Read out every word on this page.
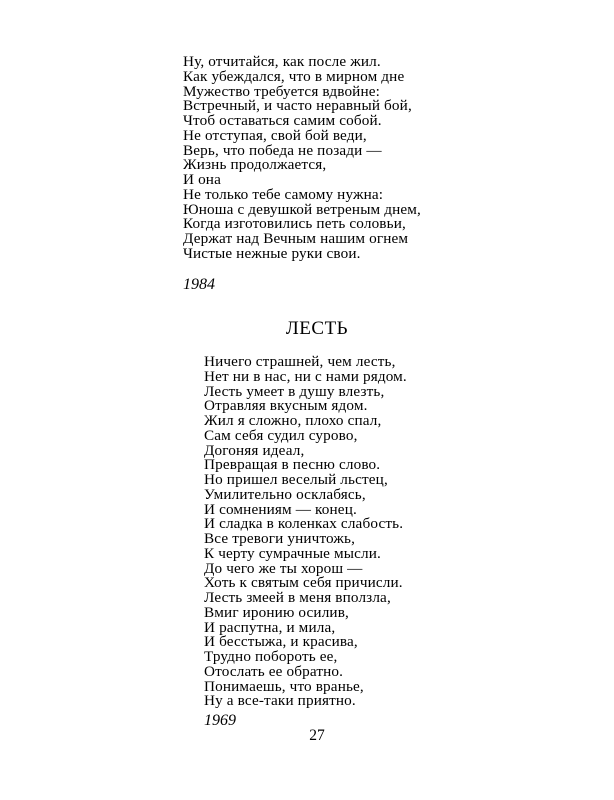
Ну, отчитайся, как после жил.
Как убеждался, что в мирном дне
Мужество требуется вдвойне:
Встречный, и часто неравный бой,
Чтоб оставаться самим собой.
Не отступая, свой бой веди,
Верь, что победа не позади —
Жизнь продолжается,
И она
Не только тебе самому нужна:
Юноша с девушкой ветреным днем,
Когда изготовились петь соловьи,
Держат над Вечным нашим огнем
Чистые нежные руки свои.
1984
ЛЕСТЬ
Ничего страшней, чем лесть,
Нет ни в нас, ни с нами рядом.
Лесть умеет в душу влезть,
Отравляя вкусным ядом.
Жил я сложно, плохо спал,
Сам себя судил сурово,
Догоняя идеал,
Превращая в песню слово.
Но пришел веселый льстец,
Умилительно осклабясь,
И сомнениям — конец.
И сладка в коленках слабость.
Все тревоги уничтожь,
К черту сумрачные мысли.
До чего же ты хорош —
Хоть к святым себя причисли.
Лесть змеей в меня вползла,
Вмиг иронию осилив,
И распутна, и мила,
И бесстыжа, и красива,
Трудно побороть ее,
Отослать ее обратно.
Понимаешь, что вранье,
Ну а все-таки приятно.
1969
27
